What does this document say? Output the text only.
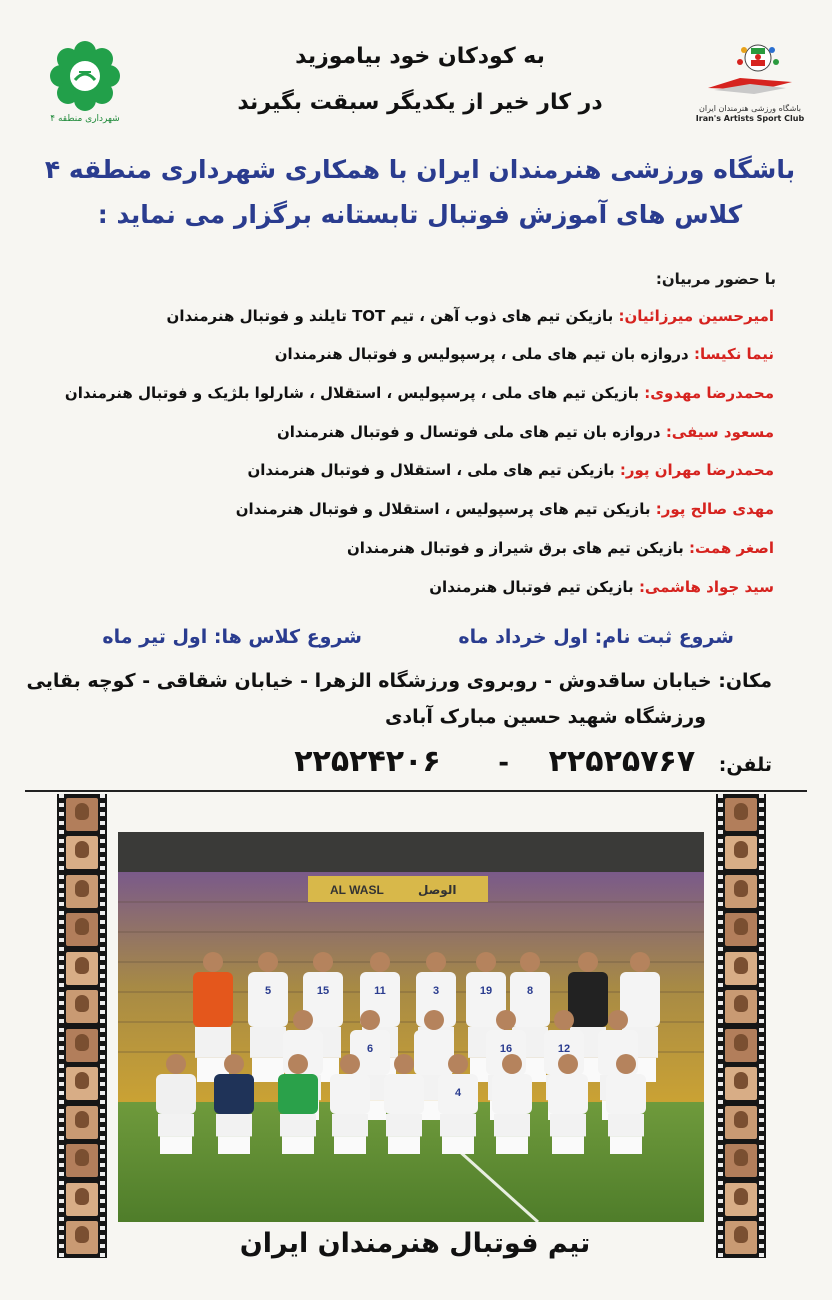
شهرداری منطقه ۴
باشگاه ورزشی هنرمندان ایران
Iran's Artists Sport Club
به کودکان خود بیاموزید
در کار خیر از یکدیگر سبقت بگیرند
باشگاه ورزشی هنرمندان ایران با همکاری شهرداری منطقه ۴
کلاس های آموزش فوتبال تابستانه برگزار می نماید :
با حضور مربیان:
امیرحسین میرزائیان: بازیکن تیم های ذوب آهن ، تیم TOT تایلند و فوتبال هنرمندان
نیما نکیسا: دروازه بان تیم های ملی ، پرسپولیس و فوتبال هنرمندان
محمدرضا مهدوی: بازیکن تیم های ملی ، پرسپولیس ، استقلال ، شارلوا بلژیک و فوتبال هنرمندان
مسعود سیفی: دروازه بان تیم های ملی فوتسال و فوتبال هنرمندان
محمدرضا مهران پور: بازیکن تیم های ملی ، استقلال و فوتبال هنرمندان
مهدی صالح پور: بازیکن تیم های پرسپولیس ، استقلال و فوتبال هنرمندان
اصغر همت: بازیکن تیم های برق شیراز و فوتبال هنرمندان
سید جواد هاشمی: بازیکن تیم فوتبال هنرمندان
شروع ثبت نام: اول خرداد ماه
شروع کلاس ها: اول تیر ماه
مکان: خیابان ساقدوش - روبروی ورزشگاه الزهرا - خیابان شقاقی - کوچه بقایی
ورزشگاه شهید حسین مبارک آبادی
تلفن: ۲۲۵۲۵۷۶۷ - ۲۲۵۲۴۲۰۶
AL WASL	الوصل
5	15	11	3	19	8
6	16	12
4
تیم فوتبال هنرمندان ایران
